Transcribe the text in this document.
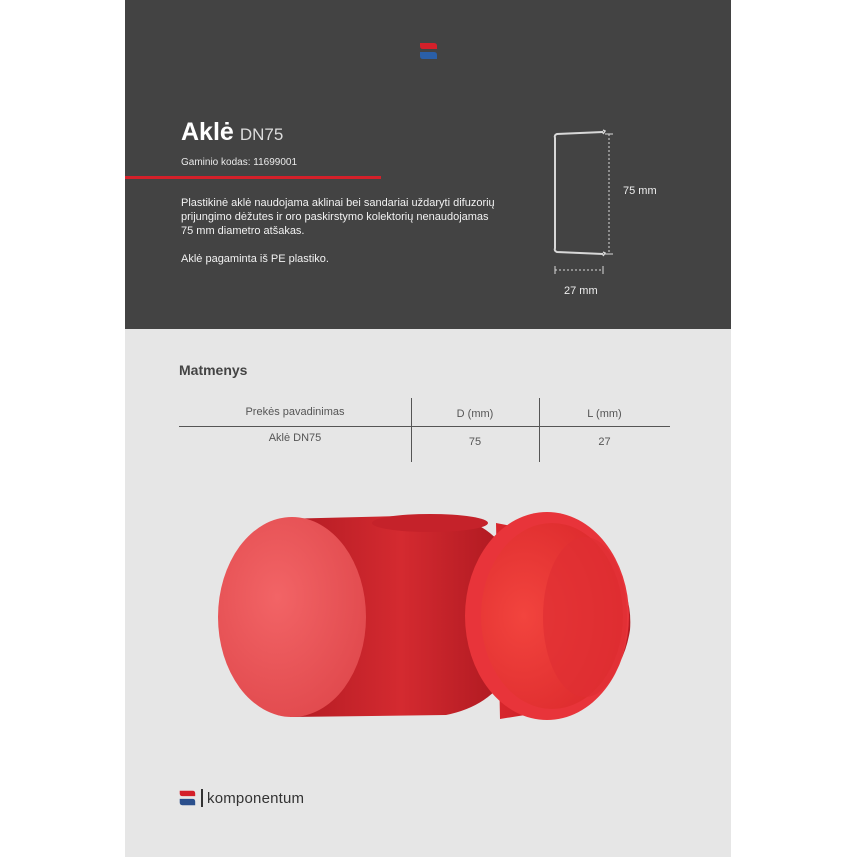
Aklė DN75
Gaminio kodas: 11699001

Plastikinė aklė naudojama aklinai bei sandariai uždaryti difuzorių prijungimo dėžutes ir oro paskirstymo kolektorių nenaudojamas 75 mm diametro atšakas.

Aklė pagaminta iš PE plastiko.

75 mm
27 mm
Matmenys
Prekės pavadinimas	D (mm)	L (mm)
Aklė DN75	75	27
komponentum
